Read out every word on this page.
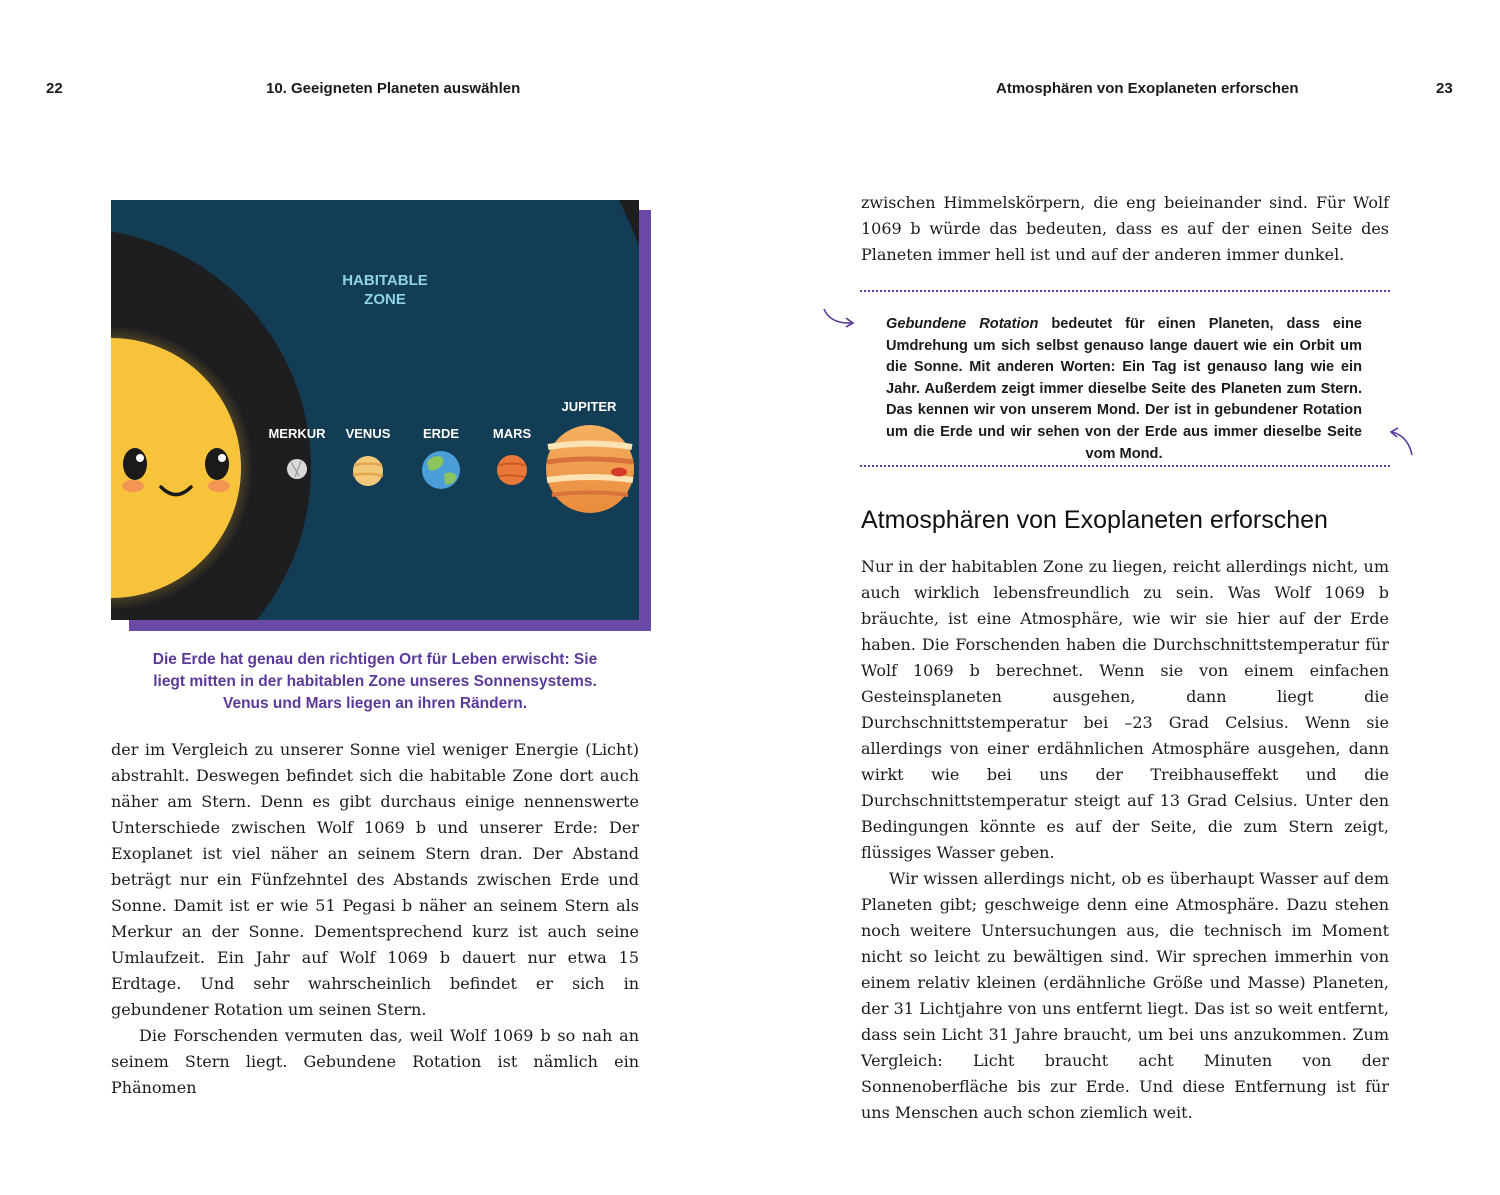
22	10. Geeigneten Planeten auswählen	Atmosphären von Exoplaneten erforschen	23
HABITABLE
ZONE
MERKUR VENUS	ERDE	MARS
JUPITER
Die Erde hat genau den richtigen Ort für Leben erwischt: Sie liegt mitten in der habitablen Zone unseres Sonnensystems. Venus und Mars liegen an ihren Rändern.

der im Vergleich zu unserer Sonne viel weniger Energie (Licht) abstrahlt. Deswegen befindet sich die habitable Zone dort auch näher am Stern. Denn es gibt durchaus einige nennenswerte Unterschiede zwischen Wolf 1069 b und unserer Erde: Der Exoplanet ist viel näher an seinem Stern dran. Der Abstand beträgt nur ein Fünfzehntel des Abstands zwischen Erde und Sonne. Damit ist er wie 51 Pegasi b näher an seinem Stern als Merkur an der Sonne. Dementsprechend kurz ist auch seine Umlaufzeit. Ein Jahr auf Wolf 1069 b dauert nur etwa 15 Erdtage. Und sehr wahrscheinlich befindet er sich in gebundener Rotation um seinen Stern.

Die Forschenden vermuten das, weil Wolf 1069 b so nah an seinem Stern liegt. Gebundene Rotation ist nämlich ein Phänomen

zwischen Himmelskörpern, die eng beieinander sind. Für Wolf 1069 b würde das bedeuten, dass es auf der einen Seite des Planeten immer hell ist und auf der anderen immer dunkel.

Gebundene Rotation bedeutet für einen Planeten, dass eine Umdrehung um sich selbst genauso lange dauert wie ein Orbit um die Sonne. Mit anderen Worten: Ein Tag ist genauso lang wie ein Jahr. Außerdem zeigt immer dieselbe Seite des Planeten zum Stern. Das kennen wir von unserem Mond. Der ist in gebundener Rotation um die Erde und wir sehen von der Erde aus immer dieselbe Seite vom Mond.
Atmosphären von Exoplaneten erforschen

Nur in der habitablen Zone zu liegen, reicht allerdings nicht, um auch wirklich lebensfreundlich zu sein. Was Wolf 1069 b bräuchte, ist eine Atmosphäre, wie wir sie hier auf der Erde haben. Die Forschenden haben die Durchschnittstemperatur für Wolf 1069 b berechnet. Wenn sie von einem einfachen Gesteinsplaneten ausgehen, dann liegt die Durchschnittstemperatur bei –23 Grad Celsius. Wenn sie allerdings von einer erdähnlichen Atmosphäre ausgehen, dann wirkt wie bei uns der Treibhauseffekt und die Durchschnittstemperatur steigt auf 13 Grad Celsius. Unter den Bedingungen könnte es auf der Seite, die zum Stern zeigt, flüssiges Wasser geben.

Wir wissen allerdings nicht, ob es überhaupt Wasser auf dem Planeten gibt; geschweige denn eine Atmosphäre. Dazu stehen noch weitere Untersuchungen aus, die technisch im Moment nicht so leicht zu bewältigen sind. Wir sprechen immerhin von einem relativ kleinen (erdähnliche Größe und Masse) Planeten, der 31 Lichtjahre von uns entfernt liegt. Das ist so weit entfernt, dass sein Licht 31 Jahre braucht, um bei uns anzukommen. Zum Vergleich: Licht braucht acht Minuten von der Sonnenoberfläche bis zur Erde. Und diese Entfernung ist für uns Menschen auch schon ziemlich weit.
